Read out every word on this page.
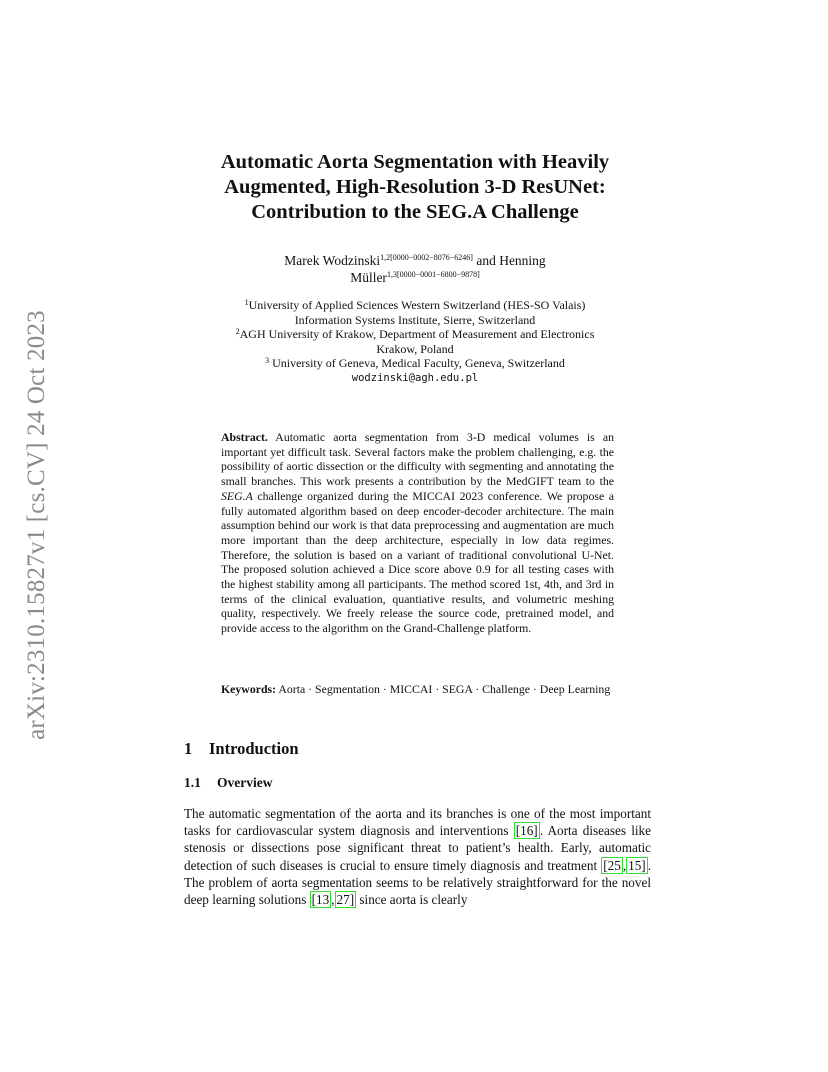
arXiv:2310.15827v1 [cs.CV] 24 Oct 2023
Automatic Aorta Segmentation with Heavily
Augmented, High-Resolution 3-D ResUNet:
Contribution to the SEG.A Challenge
Marek Wodzinski$^{1,2[0000-0002-8076-6246]}$ and Henning
Müller$^{1,3[0000-0001-6800-9878]}$
$^1$University of Applied Sciences Western Switzerland (HES-SO Valais)
Information Systems Institute, Sierre, Switzerland
$^2$AGH University of Krakow, Department of Measurement and Electronics
Krakow, Poland
$^3$ University of Geneva, Medical Faculty, Geneva, Switzerland
wodzinski@agh.edu.pl

Abstract. Automatic aorta segmentation from 3-D medical volumes is an important yet difficult task. Several factors make the problem challenging, e.g. the possibility of aortic dissection or the difficulty with segmenting and annotating the small branches. This work presents a contribution by the MedGIFT team to the SEG.A challenge organized during the MICCAI 2023 conference. We propose a fully automated algorithm based on deep encoder-decoder architecture. The main assumption behind our work is that data preprocessing and augmentation are much more important than the deep architecture, especially in low data regimes. Therefore, the solution is based on a variant of traditional convolutional U-Net. The proposed solution achieved a Dice score above 0.9 for all testing cases with the highest stability among all participants. The method scored 1st, 4th, and 3rd in terms of the clinical evaluation, quantiative results, and volumetric meshing quality, respectively. We freely release the source code, pretrained model, and provide access to the algorithm on the Grand-Challenge platform.

Keywords: Aorta · Segmentation · MICCAI · SEGA · Challenge · Deep Learning

1 Introduction
1.1 Overview

The automatic segmentation of the aorta and its branches is one of the most important tasks for cardiovascular system diagnosis and interventions [16] . Aorta diseases like stenosis or dissections pose significant threat to patient’s health. Early, automatic detection of such diseases is crucial to ensure timely diagnosis and treatment [25 , 15] . The problem of aorta segmentation seems to be relatively straightforward for the novel deep learning solutions [13 , 27] since aorta is clearly
